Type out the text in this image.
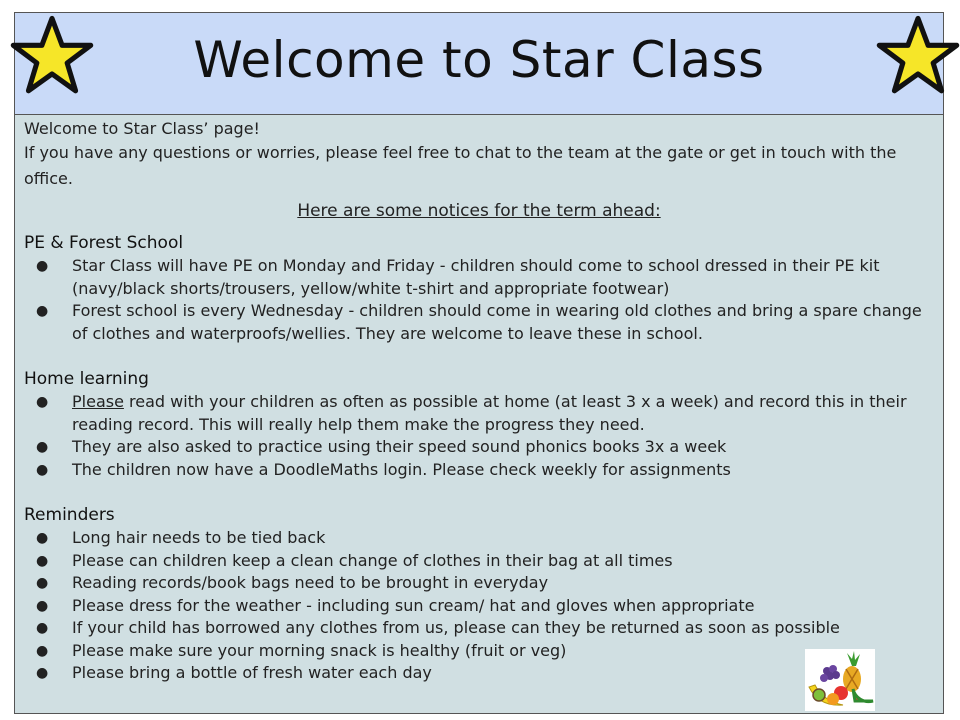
Welcome to Star Class

Welcome to Star Class’ page!

If you have any questions or worries, please feel free to chat to the team at the gate or get in touch with the office.

Here are some notices for the term ahead:
PE & Forest School
● Star Class will have PE on Monday and Friday - children should come to school dressed in their PE kit (navy/black shorts/trousers, yellow/white t-shirt and appropriate footwear)
● Forest school is every Wednesday - children should come in wearing old clothes and bring a spare change of clothes and waterproofs/wellies. They are welcome to leave these in school.
Home learning
● Please read with your children as often as possible at home (at least 3 x a week) and record this in their reading record. This will really help them make the progress they need.
● They are also asked to practice using their speed sound phonics books 3x a week
● The children now have a DoodleMaths login. Please check weekly for assignments
Reminders
● Long hair needs to be tied back
● Please can children keep a clean change of clothes in their bag at all times
● Reading records/book bags need to be brought in everyday
● Please dress for the weather - including sun cream/ hat and gloves when appropriate
● If your child has borrowed any clothes from us, please can they be returned as soon as possible
● Please make sure your morning snack is healthy (fruit or veg)
● Please bring a bottle of fresh water each day
